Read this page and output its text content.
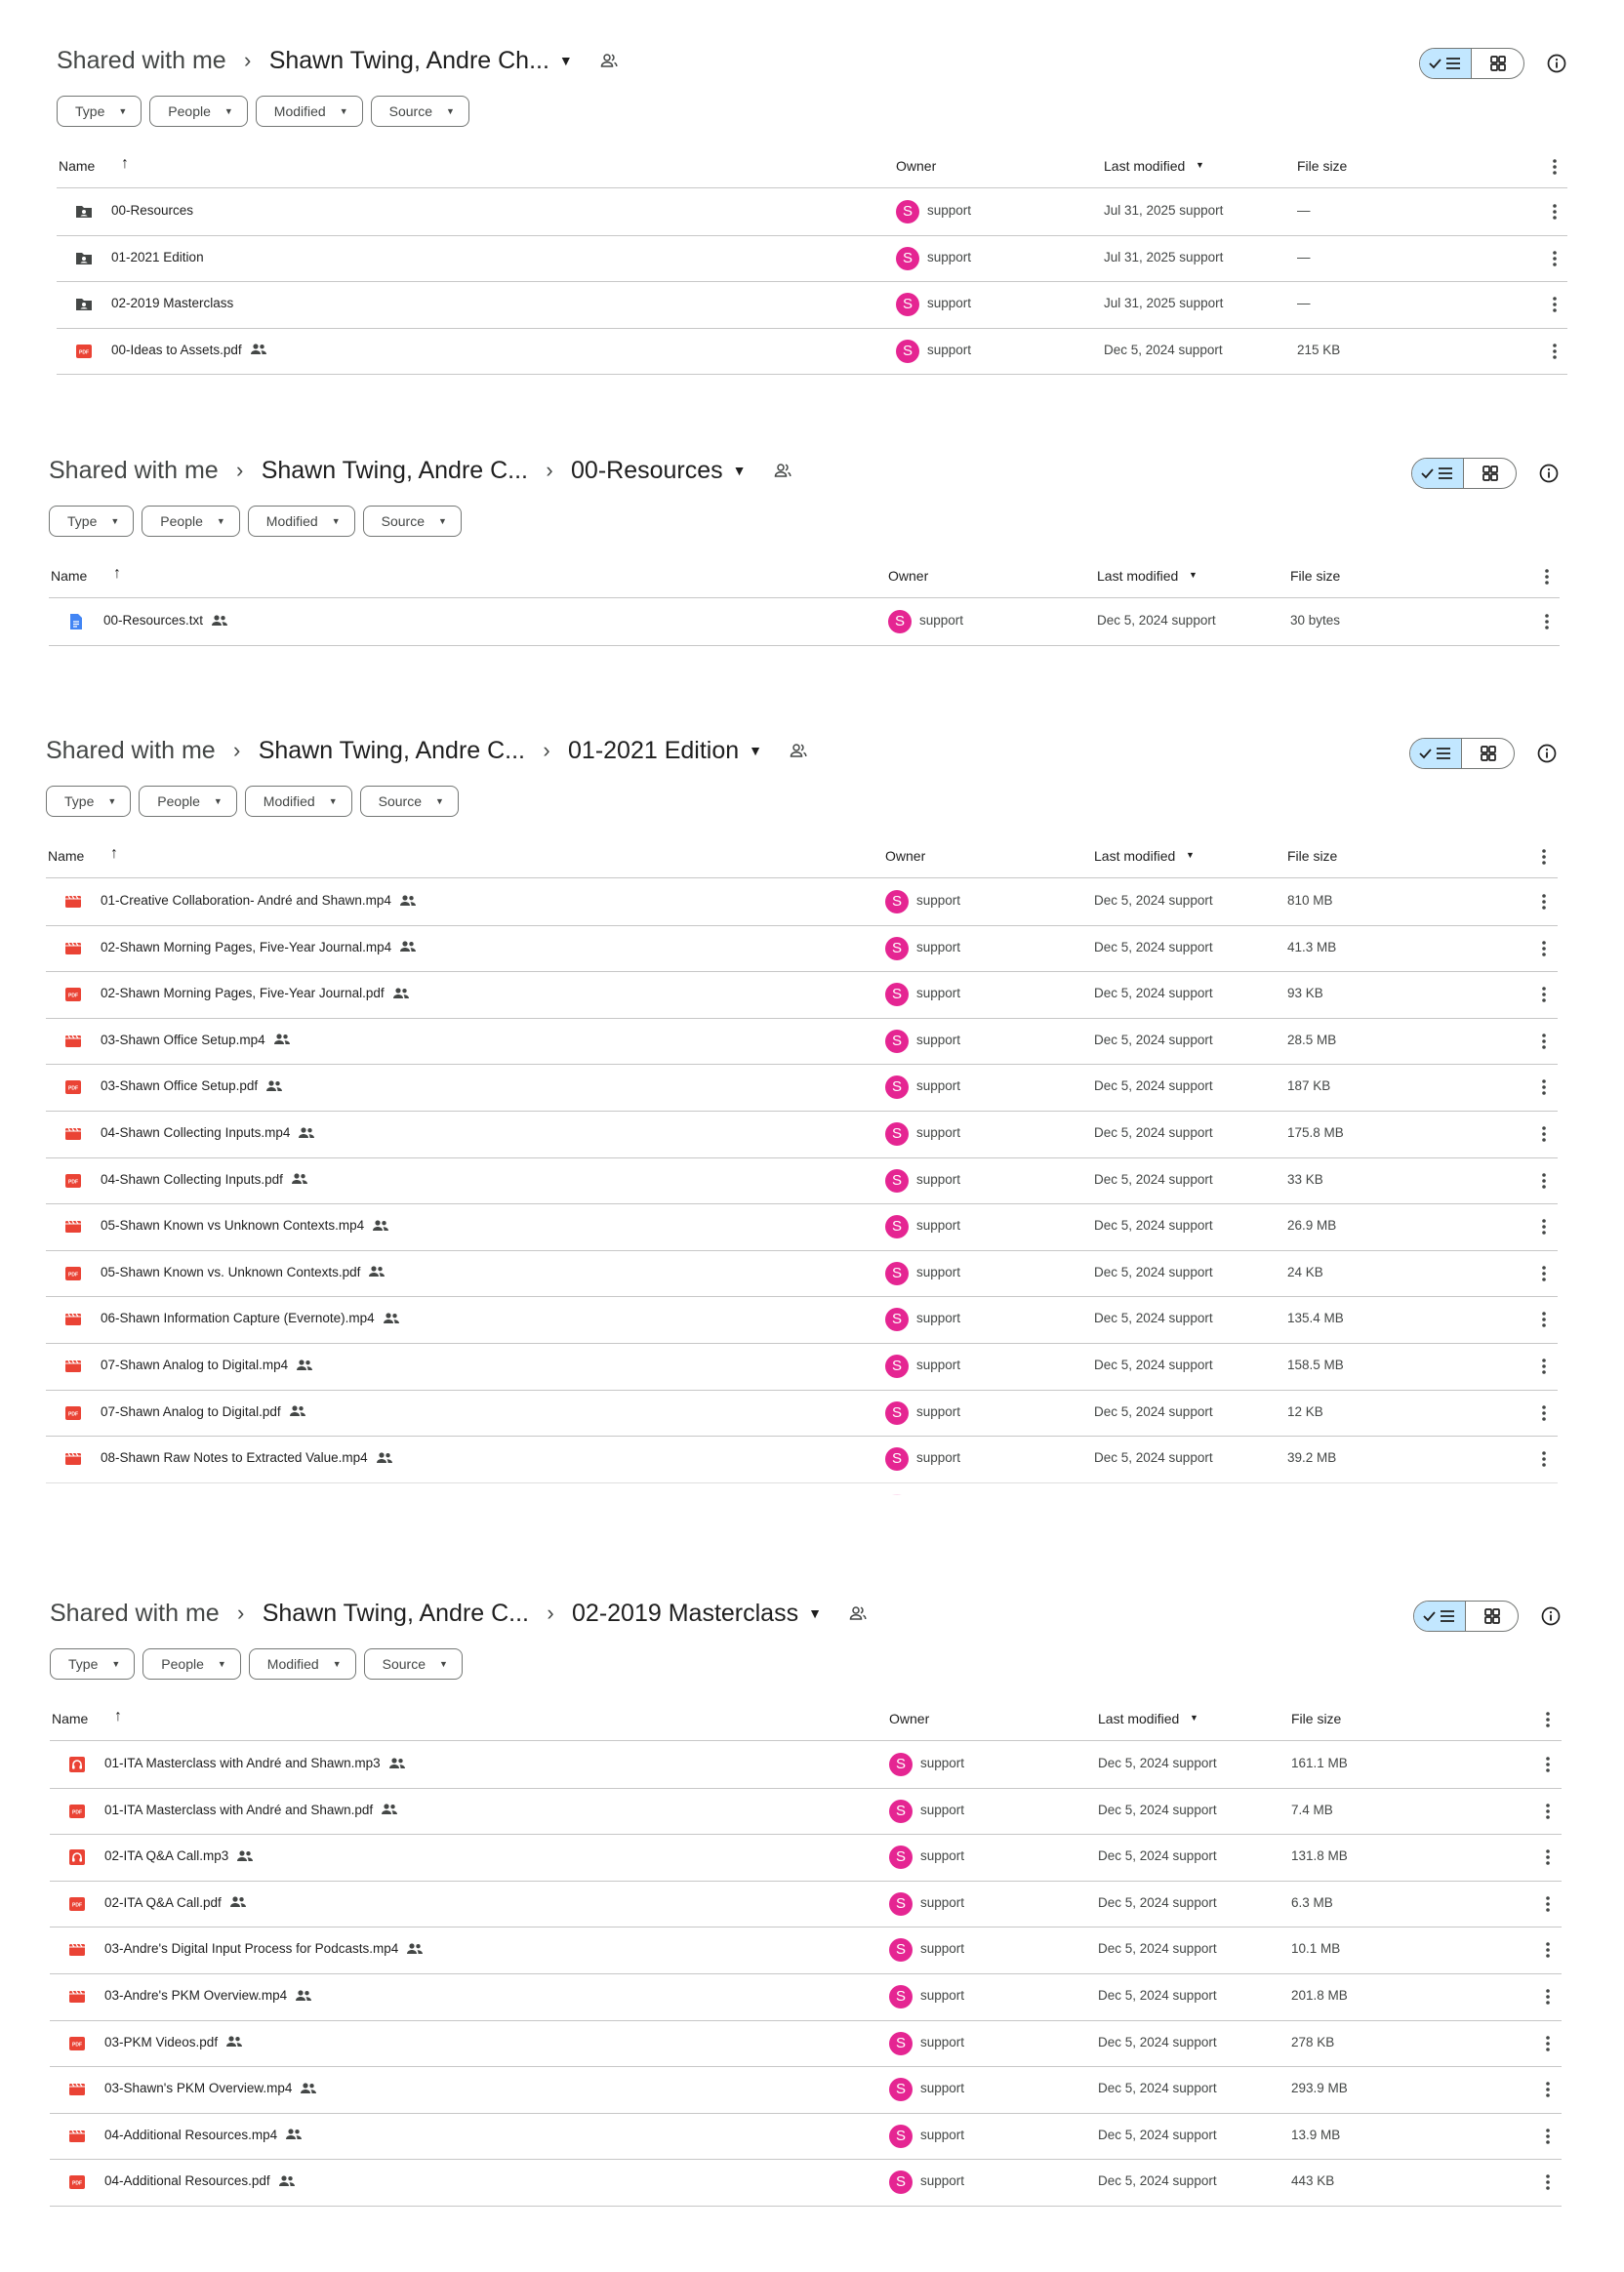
Shared with me › Shawn Twing, Andre Ch... ▼
Type ▼	People ▼	Modified ▼	Source ▼
Name ↑	Owner	Last modified ▼	File size
00-Resources	S	support	Jul 31, 2025 support	—
01-2021 Edition	S	support	Jul 31, 2025 support	—
02-2019 Masterclass	S	support	Jul 31, 2025 support	—
PDF 00-Ideas to Assets.pdf	S	support	Dec 5, 2024 support	215 KB
Shared with me › Shawn Twing, Andre C... › 00-Resources ▼
Type ▼	People ▼	Modified ▼	Source ▼
Name ↑	Owner	Last modified ▼	File size
00-Resources.txt	S	support	Dec 5, 2024 support	30 bytes
Shared with me › Shawn Twing, Andre C... › 01-2021 Edition ▼
Type ▼	People ▼	Modified ▼	Source ▼
Name ↑	Owner	Last modified ▼	File size
01-Creative Collaboration- André and Shawn.mp4	S	support	Dec 5, 2024 support	810 MB
02-Shawn Morning Pages, Five-Year Journal.mp4	S	support	Dec 5, 2024 support	41.3 MB
PDF 02-Shawn Morning Pages, Five-Year Journal.pdf	S	support	Dec 5, 2024 support	93 KB
03-Shawn Office Setup.mp4	S	support	Dec 5, 2024 support	28.5 MB
PDF 03-Shawn Office Setup.pdf	S	support	Dec 5, 2024 support	187 KB
04-Shawn Collecting Inputs.mp4	S	support	Dec 5, 2024 support	175.8 MB
PDF 04-Shawn Collecting Inputs.pdf	S	support	Dec 5, 2024 support	33 KB
05-Shawn Known vs Unknown Contexts.mp4	S	support	Dec 5, 2024 support	26.9 MB
PDF 05-Shawn Known vs. Unknown Contexts.pdf	S	support	Dec 5, 2024 support	24 KB
06-Shawn Information Capture (Evernote).mp4	S	support	Dec 5, 2024 support	135.4 MB
07-Shawn Analog to Digital.mp4	S	support	Dec 5, 2024 support	158.5 MB
PDF 07-Shawn Analog to Digital.pdf	S	support	Dec 5, 2024 support	12 KB
08-Shawn Raw Notes to Extracted Value.mp4	S	support	Dec 5, 2024 support	39.2 MB
Shared with me › Shawn Twing, Andre C... › 02-2019 Masterclass ▼
Type ▼	People ▼	Modified ▼	Source ▼
Name ↑	Owner	Last modified ▼	File size
01-ITA Masterclass with André and Shawn.mp3	S	support	Dec 5, 2024 support	161.1 MB
PDF 01-ITA Masterclass with André and Shawn.pdf	S	support	Dec 5, 2024 support	7.4 MB
02-ITA Q&A Call.mp3	S	support	Dec 5, 2024 support	131.8 MB
PDF 02-ITA Q&A Call.pdf	S	support	Dec 5, 2024 support	6.3 MB
03-Andre's Digital Input Process for Podcasts.mp4	S	support	Dec 5, 2024 support	10.1 MB
03-Andre's PKM Overview.mp4	S	support	Dec 5, 2024 support	201.8 MB
PDF 03-PKM Videos.pdf	S	support	Dec 5, 2024 support	278 KB
03-Shawn's PKM Overview.mp4	S	support	Dec 5, 2024 support	293.9 MB
04-Additional Resources.mp4	S	support	Dec 5, 2024 support	13.9 MB
PDF 04-Additional Resources.pdf	S	support	Dec 5, 2024 support	443 KB
